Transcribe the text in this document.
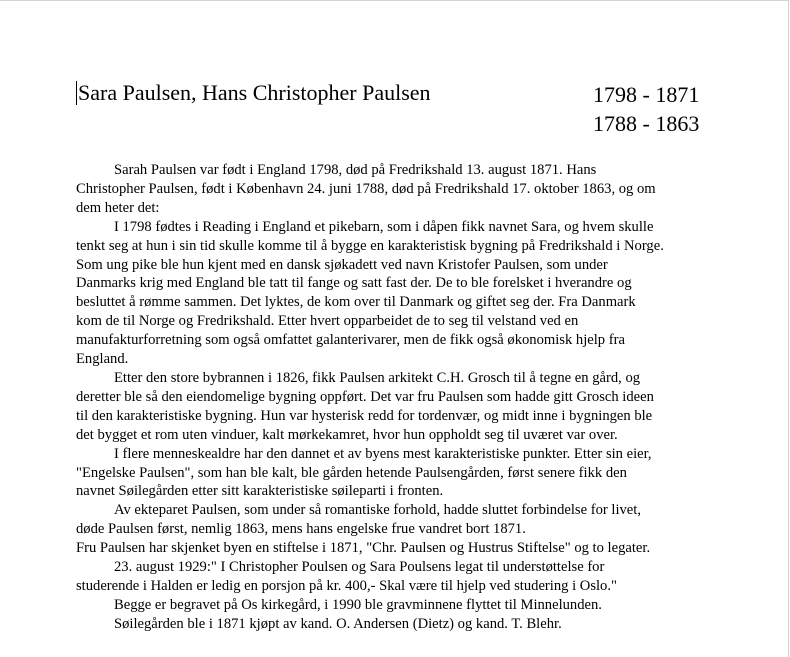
Sara Paulsen, Hans Christopher Paulsen	1798 - 1871
1788 - 1863
Sarah Paulsen var født i England 1798, død på Fredrikshald 13. august 1871. Hans
Christopher Paulsen, født i København 24. juni 1788, død på Fredrikshald 17. oktober 1863, og om
dem heter det:
I 1798 fødtes i Reading i England et pikebarn, som i dåpen fikk navnet Sara, og hvem skulle
tenkt seg at hun i sin tid skulle komme til å bygge en karakteristisk bygning på Fredrikshald i Norge.
Som ung pike ble hun kjent med en dansk sjøkadett ved navn Kristofer Paulsen, som under
Danmarks krig med England ble tatt til fange og satt fast der. De to ble forelsket i hverandre og
besluttet å rømme sammen. Det lyktes, de kom over til Danmark og giftet seg der. Fra Danmark
kom de til Norge og Fredrikshald. Etter hvert opparbeidet de to seg til velstand ved en
manufakturforretning som også omfattet galanterivarer, men de fikk også økonomisk hjelp fra
England.
Etter den store bybrannen i 1826, fikk Paulsen arkitekt C.H. Grosch til å tegne en gård, og
deretter ble så den eiendomelige bygning oppført. Det var fru Paulsen som hadde gitt Grosch ideen
til den karakteristiske bygning. Hun var hysterisk redd for tordenvær, og midt inne i bygningen ble
det bygget et rom uten vinduer, kalt mørkekamret, hvor hun oppholdt seg til uværet var over.
I flere menneskealdre har den dannet et av byens mest karakteristiske punkter. Etter sin eier,
"Engelske Paulsen", som han ble kalt, ble gården hetende Paulsengården, først senere fikk den
navnet Søilegården etter sitt karakteristiske søileparti i fronten.
Av ekteparet Paulsen, som under så romantiske forhold, hadde sluttet forbindelse for livet,
døde Paulsen først, nemlig 1863, mens hans engelske frue vandret bort 1871.
Fru Paulsen har skjenket byen en stiftelse i 1871, "Chr. Paulsen og Hustrus Stiftelse" og to legater.
23. august 1929:" I Christopher Poulsen og Sara Poulsens legat til understøttelse for
studerende i Halden er ledig en porsjon på kr. 400,- Skal være til hjelp ved studering i Oslo."
Begge er begravet på Os kirkegård, i 1990 ble gravminnene flyttet til Minnelunden.
Søilegården ble i 1871 kjøpt av kand. O. Andersen (Dietz) og kand. T. Blehr.
